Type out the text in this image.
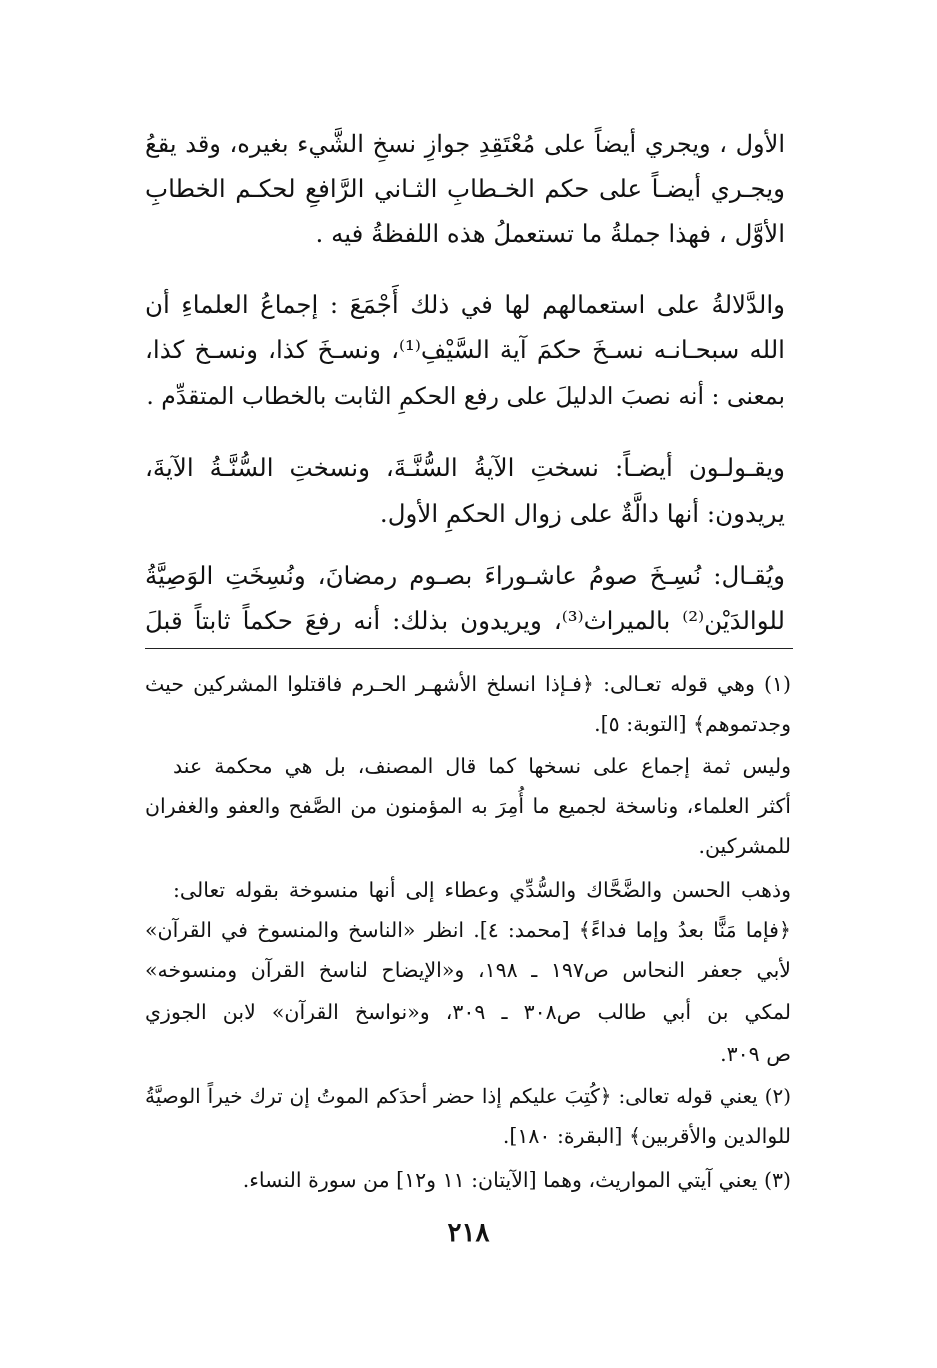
الأول ، ويجري أيضاً على مُعْتَقِدِ جوازِ نسخِ الشَّيء بغيره، وقد يقعُ
ويجـري أيضـاً على حكم الخـطابِ الثـاني الرَّافعِ لحكـم الخطابِ
الأوَّل ، فهذا جملةُ ما تستعملُ هذه اللفظةُ فيه .
والدَّلالةُ على استعمالهم لها في ذلك أَجْمَعَ : إجماعُ العلماءِ أن
الله سبحـانـه نسـخَ حكمَ آية السَّيْفِ⁽¹⁾، ونسـخَ كذا، ونسـخ كذا،
بمعنى : أنه نصبَ الدليلَ على رفع الحكمِ الثابت بالخطاب المتقدِّم .
ويقـولـون أيضـاً: نسختِ الآيةُ السُّنَّـةَ، ونسختِ السُّنَّـةُ الآيةَ،
يريدون: أنها دالَّةٌ على زوال الحكمِ الأول.
ويُقـال: نُسِـخَ صومُ عاشـوراءَ بصـوم رمضانَ، ونُسِخَتِ الوَصِيَّةُ
للوالدَيْن⁽²⁾ بالميراث⁽³⁾، ويريدون بذلك: أنه رفعَ حكماً ثابتاً قبلَ
(١) وهي قوله تعـالى: ﴿فـإذا انسلخ الأشهـر الحـرم فاقتلوا المشركين حيث
وجدتموهم﴾ [التوبة: ٥].
وليس ثمة إجماع على نسخها كما قال المصنف، بل هي محكمة عند
أكثر العلماء، وناسخة لجميع ما أُمِرَ به المؤمنون من الصَّفح والعفو والغفران
للمشركين.
وذهب الحسن والضَّحَّاك والسُّدِّي وعطاء إلى أنها منسوخة بقوله تعالى:
﴿فإما مَنًّا بعدُ وإما فداءً﴾ [محمد: ٤]. انظر «الناسخ والمنسوخ في القرآن»
لأبي جعفر النحاس ص١٩٧ ـ ١٩٨، و«الإيضاح لناسخ القرآن ومنسوخه»
لمكي بن أبي طالب ص٣٠٨ ـ ٣٠٩، و«نواسخ القرآن» لابن الجوزي
ص ٣٠٩.
(٢) يعني قوله تعالى: ﴿كُتِبَ عليكم إذا حضر أحدَكم الموتُ إن ترك خيراً الوصيَّةُ
للوالدين والأقربين﴾ [البقرة: ١٨٠].
(٣) يعني آيتي المواريث، وهما [الآيتان: ١١ و١٢] من سورة النساء.
٢١٨
